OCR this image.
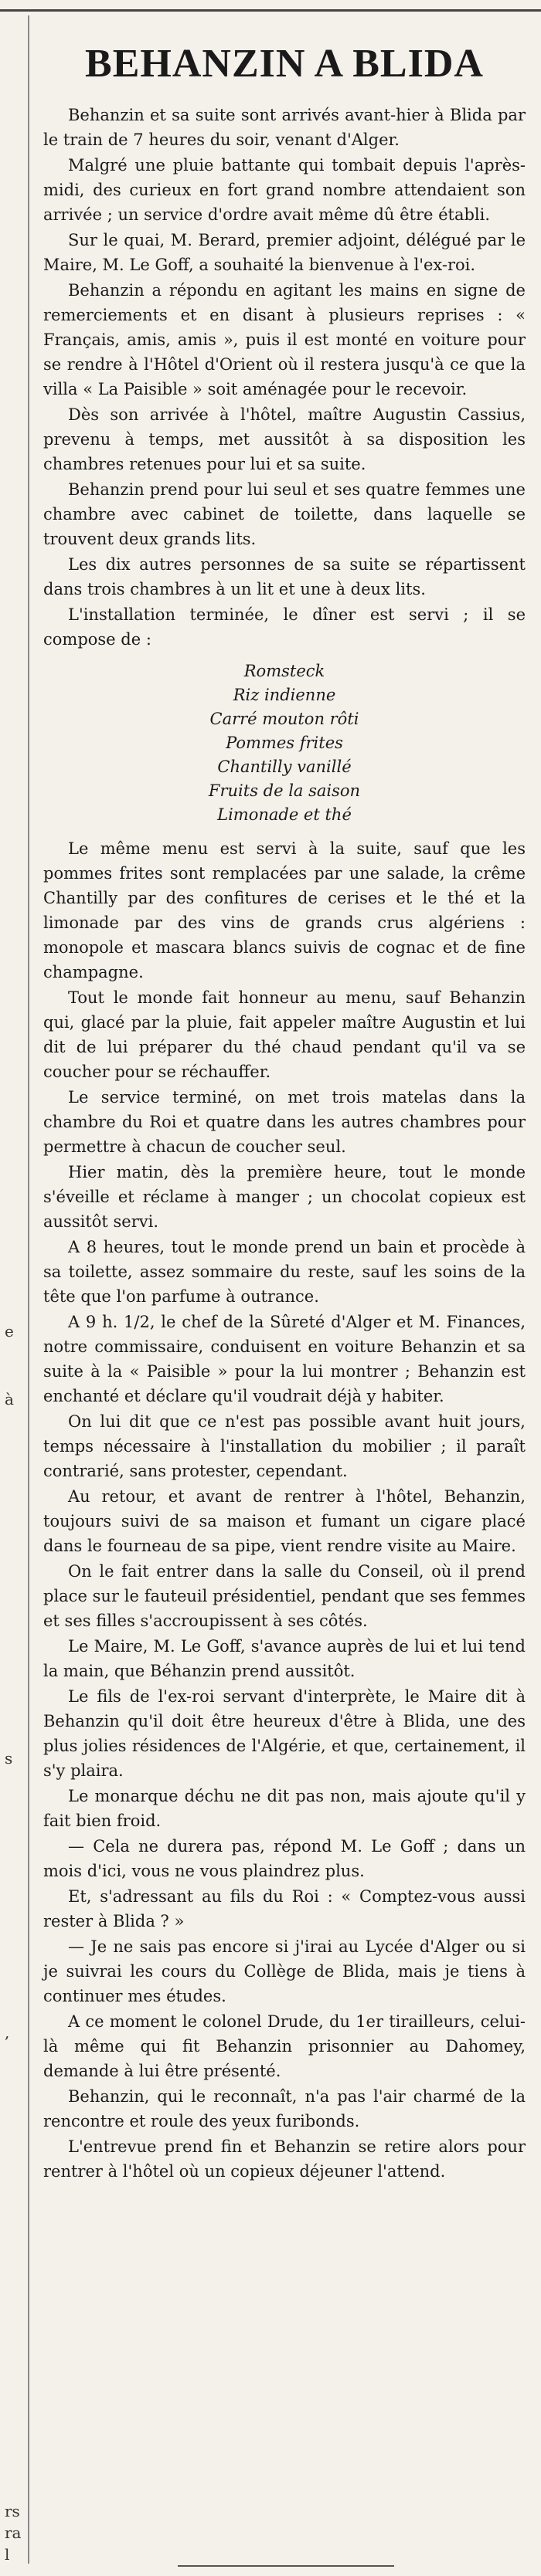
e
à
s
,
rs
ra
l
BEHANZIN A BLIDA

Behanzin et sa suite sont arrivés avant-hier à Blida par le train de 7 heures du soir, venant d'Alger.

Malgré une pluie battante qui tombait depuis l'après-midi, des curieux en fort grand nombre attendaient son arrivée ; un service d'ordre avait même dû être établi.

Sur le quai, M. Berard, premier adjoint, délégué par le Maire, M. Le Goff, a souhaité la bienvenue à l'ex-roi.

Behanzin a répondu en agitant les mains en signe de remerciements et en disant à plusieurs reprises : « Français, amis, amis », puis il est monté en voiture pour se rendre à l'Hôtel d'Orient où il restera jusqu'à ce que la villa « La Paisible » soit aménagée pour le recevoir.

Dès son arrivée à l'hôtel, maître Augustin Cassius, prevenu à temps, met aussitôt à sa disposition les chambres retenues pour lui et sa suite.

Behanzin prend pour lui seul et ses quatre femmes une chambre avec cabinet de toilette, dans laquelle se trouvent deux grands lits.

Les dix autres personnes de sa suite se répartissent dans trois chambres à un lit et une à deux lits.

L'installation terminée, le dîner est servi ; il se compose de :

Romsteck
Riz indienne
Carré mouton rôti
Pommes frites
Chantilly vanillé
Fruits de la saison
Limonade et thé

Le même menu est servi à la suite, sauf que les pommes frites sont remplacées par une salade, la crême Chantilly par des confitures de cerises et le thé et la limonade par des vins de grands crus algériens : monopole et mascara blancs suivis de cognac et de fine champagne.

Tout le monde fait honneur au menu, sauf Behanzin qui, glacé par la pluie, fait appeler maître Augustin et lui dit de lui préparer du thé chaud pendant qu'il va se coucher pour se réchauffer.

Le service terminé, on met trois matelas dans la chambre du Roi et quatre dans les autres chambres pour permettre à chacun de coucher seul.

Hier matin, dès la première heure, tout le monde s'éveille et réclame à manger ; un chocolat copieux est aussitôt servi.

A 8 heures, tout le monde prend un bain et procède à sa toilette, assez sommaire du reste, sauf les soins de la tête que l'on parfume à outrance.

A 9 h. 1/2, le chef de la Sûreté d'Alger et M. Finances, notre commissaire, conduisent en voiture Behanzin et sa suite à la « Paisible » pour la lui montrer ; Behanzin est enchanté et déclare qu'il voudrait déjà y habiter.

On lui dit que ce n'est pas possible avant huit jours, temps nécessaire à l'installation du mobilier ; il paraît contrarié, sans protester, cependant.

Au retour, et avant de rentrer à l'hôtel, Behanzin, toujours suivi de sa maison et fumant un cigare placé dans le fourneau de sa pipe, vient rendre visite au Maire.

On le fait entrer dans la salle du Conseil, où il prend place sur le fauteuil présidentiel, pendant que ses femmes et ses filles s'accroupissent à ses côtés.

Le Maire, M. Le Goff, s'avance auprès de lui et lui tend la main, que Béhanzin prend aussitôt.

Le fils de l'ex-roi servant d'interprète, le Maire dit à Behanzin qu'il doit être heureux d'être à Blida, une des plus jolies résidences de l'Algérie, et que, certainement, il s'y plaira.

Le monarque déchu ne dit pas non, mais ajoute qu'il y fait bien froid.

— Cela ne durera pas, répond M. Le Goff ; dans un mois d'ici, vous ne vous plaindrez plus.

Et, s'adressant au fils du Roi : « Comptez-vous aussi rester à Blida ? »

— Je ne sais pas encore si j'irai au Lycée d'Alger ou si je suivrai les cours du Collège de Blida, mais je tiens à continuer mes études.

A ce moment le colonel Drude, du 1er tirailleurs, celui-là même qui fit Behanzin prisonnier au Dahomey, demande à lui être présenté.

Behanzin, qui le reconnaît, n'a pas l'air charmé de la rencontre et roule des yeux furibonds.

L'entrevue prend fin et Behanzin se retire alors pour rentrer à l'hôtel où un copieux déjeuner l'attend.
